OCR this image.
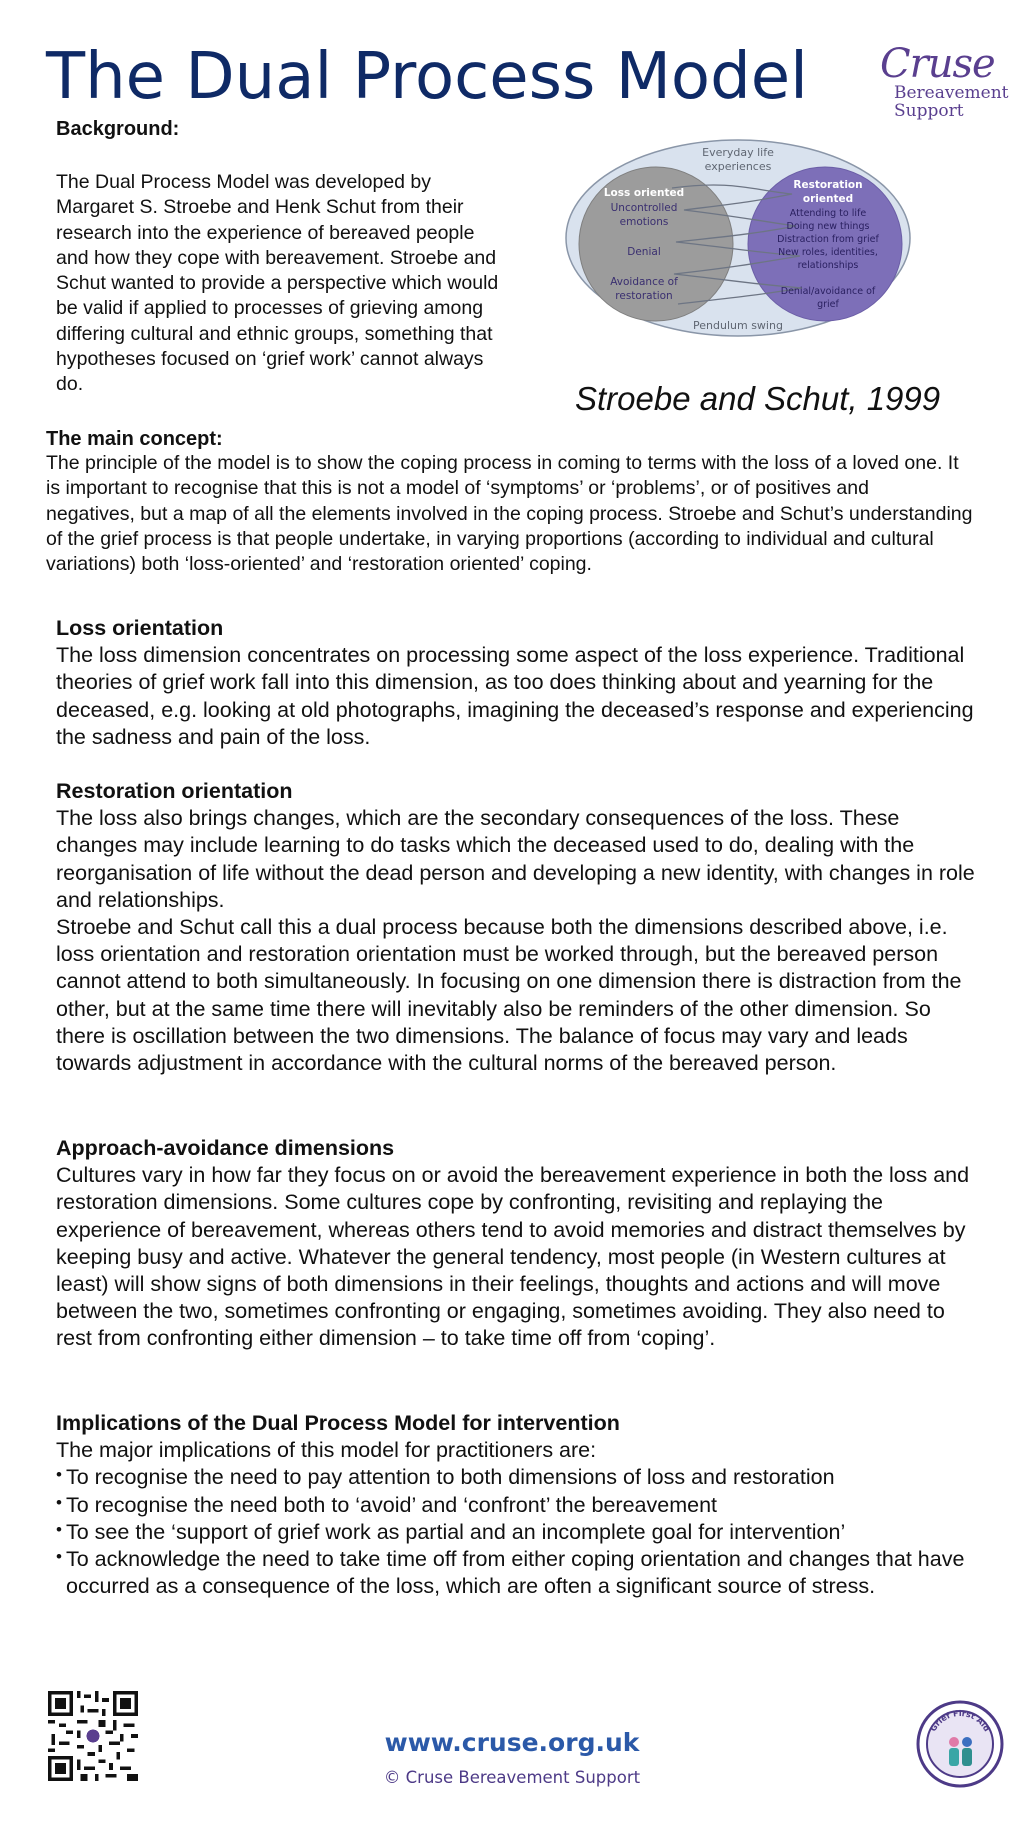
The Dual Process Model Cruse
Bereavement
Support
Background:
The Dual Process Model was developed by Margaret S. Stroebe and Henk Schut from their research into the experience of bereaved people and how they cope with bereavement. Stroebe and Schut wanted to provide a perspective which would be valid if applied to processes of grieving among differing cultural and ethnic groups, something that hypotheses focused on ‘grief work’ cannot always do.
Everyday life
experiences
Pendulum swing
Loss oriented
Uncontrolled
emotions
Denial
Avoidance of
restoration
Restoration
oriented
Attending to life
Doing new things
Distraction from grief
New roles, identities,
relationships
Denial/avoidance of
grief
Stroebe and Schut, 1999
The main concept:
The principle of the model is to show the coping process in coming to terms with the loss of a loved one. It is important to recognise that this is not a model of ‘symptoms’ or ‘problems’, or of positives and
negatives, but a map of all the elements involved in the coping process. Stroebe and Schut’s understanding of the grief process is that people undertake, in varying proportions (according to individual and cultural variations) both ‘loss-oriented’ and ‘restoration oriented’ coping.
Loss orientation

The loss dimension concentrates on processing some aspect of the loss experience. Traditional theories of grief work fall into this dimension, as too does thinking about and yearning for the deceased, e.g. looking at old photographs, imagining the deceased’s response and experiencing the sadness and pain of the loss.

Restoration orientation

The loss also brings changes, which are the secondary consequences of the loss. These changes may include learning to do tasks which the deceased used to do, dealing with the reorganisation of life without the dead person and developing a new identity, with changes in role and relationships.

Stroebe and Schut call this a dual process because both the dimensions described above, i.e. loss orientation and restoration orientation must be worked through, but the bereaved person cannot attend to both simultaneously. In focusing on one dimension there is distraction from the other, but at the same time there will inevitably also be reminders of the other dimension. So there is oscillation between the two dimensions. The balance of focus may vary and leads towards adjustment in accordance with the cultural norms of the bereaved person.

Approach-avoidance dimensions

Cultures vary in how far they focus on or avoid the bereavement experience in both the loss and restoration dimensions. Some cultures cope by confronting, revisiting and replaying the experience of bereavement, whereas others tend to avoid memories and distract themselves by keeping busy and active. Whatever the general tendency, most people (in Western cultures at least) will show signs of both dimensions in their feelings, thoughts and actions and will move between the two, sometimes confronting or engaging, sometimes avoiding. They also need to rest from confronting either dimension – to take time off from ‘coping’.

Implications of the Dual Process Model for intervention

The major implications of this model for practitioners are:

• To recognise the need to pay attention to both dimensions of loss and restoration
• To recognise the need both to ‘avoid’ and ‘confront’ the bereavement
• To see the ‘support of grief work as partial and an incomplete goal for intervention’
• To acknowledge the need to take time off from either coping orientation and changes that have occurred as a consequence of the loss, which are often a significant source of stress.
www.cruse.org.uk
© Cruse Bereavement Support
Grief First Aid
